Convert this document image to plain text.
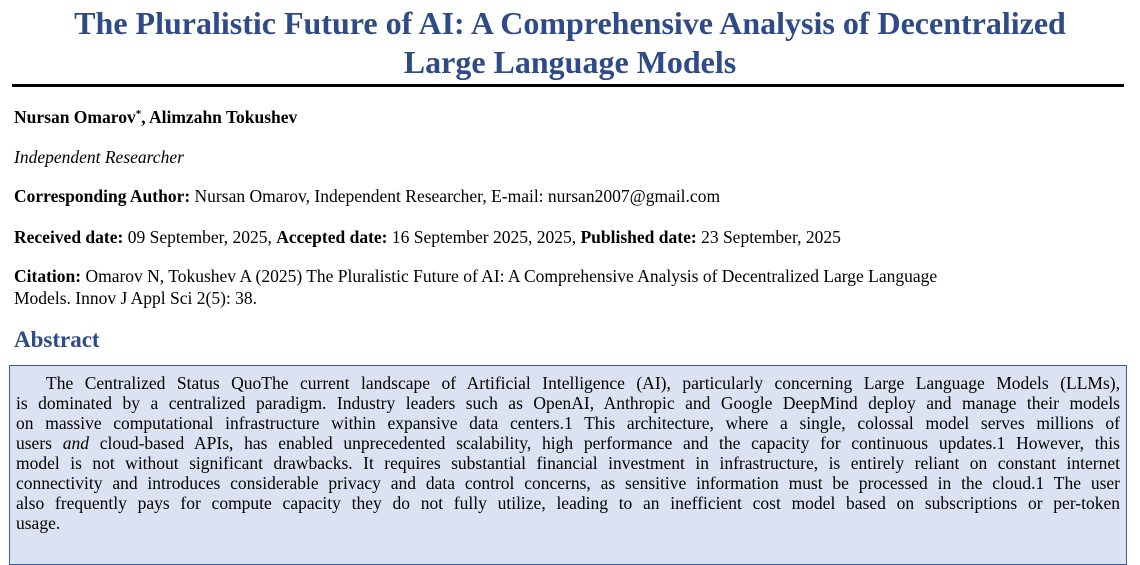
The Pluralistic Future of AI: A Comprehensive Analysis of Decentralized
Large Language Models
Nursan Omarov*, Alimzahn Tokushev
Independent Researcher
Corresponding Author: Nursan Omarov, Independent Researcher, E-mail: nursan2007@gmail.com
Received date: 09 September, 2025, Accepted date: 16 September 2025, 2025, Published date: 23 September, 2025
Citation: Omarov N, Tokushev A (2025) The Pluralistic Future of AI: A Comprehensive Analysis of Decentralized Large Language
Models. Innov J Appl Sci 2(5): 38.
Abstract
The Centralized Status QuoThe current landscape of Artificial Intelligence (AI), particularly concerning Large Language Models (LLMs),
is dominated by a centralized paradigm. Industry leaders such as OpenAI, Anthropic and Google DeepMind deploy and manage their models
on massive computational infrastructure within expansive data centers.1 This architecture, where a single, colossal model serves millions of
users and cloud-based APIs, has enabled unprecedented scalability, high performance and the capacity for continuous updates.1 However, this
model is not without significant drawbacks. It requires substantial financial investment in infrastructure, is entirely reliant on constant internet
connectivity and introduces considerable privacy and data control concerns, as sensitive information must be processed in the cloud.1 The user
also frequently pays for compute capacity they do not fully utilize, leading to an inefficient cost model based on subscriptions or per-token
usage.
